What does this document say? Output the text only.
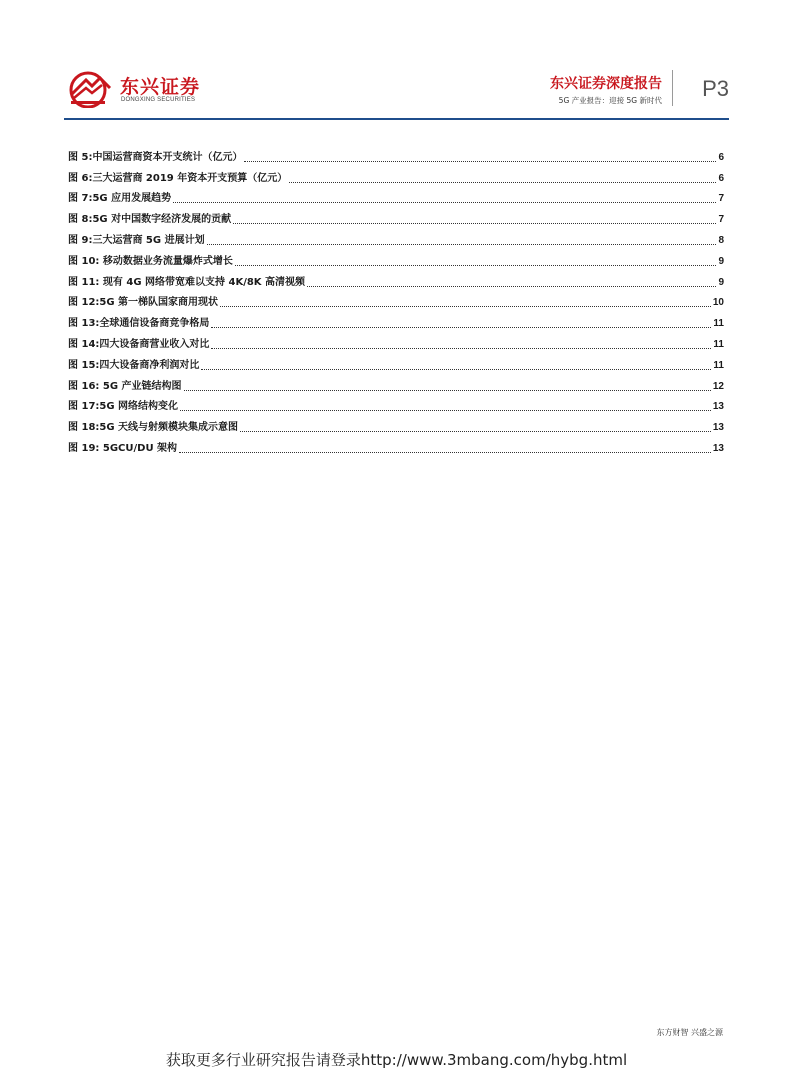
东兴证券
DONGXING SECURITIES
东兴证券深度报告
5G 产业报告：迎接 5G 新时代 P3
图 5:中国运营商资本开支统计（亿元）	6
图 6:三大运营商 2019 年资本开支预算（亿元）	6
图 7:5G 应用发展趋势	7
图 8:5G 对中国数字经济发展的贡献	7
图 9:三大运营商 5G 进展计划	8
图 10: 移动数据业务流量爆炸式增长	9
图 11: 现有 4G 网络带宽难以支持 4K/8K 高清视频	9
图 12:5G 第一梯队国家商用现状	10
图 13:全球通信设备商竞争格局	11
图 14:四大设备商营业收入对比	11
图 15:四大设备商净利润对比	11
图 16: 5G 产业链结构图	12
图 17:5G 网络结构变化	13
图 18:5G 天线与射频模块集成示意图	13
图 19: 5GCU/DU 架构	13
东方财智 兴盛之源
获取更多行业研究报告请登录http://www.3mbang.com/hybg.html
